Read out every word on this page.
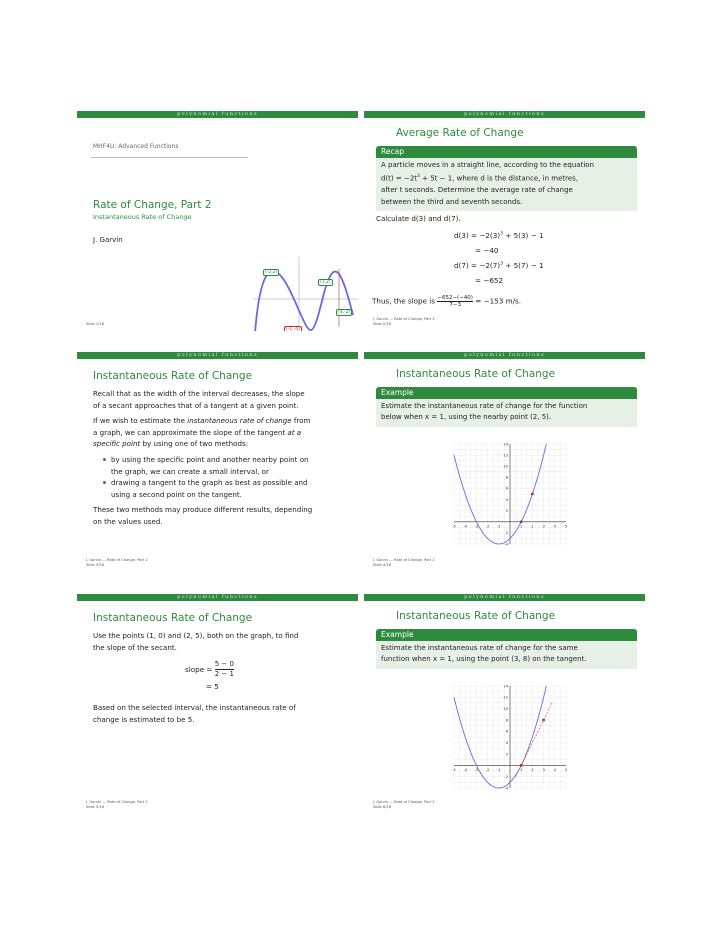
polynomial functions
MHF4U: Advanced Functions
Rate of Change, Part 2
Instantaneous Rate of Change
J. Garvin
(-2,2)
(1,2)
(4,-2)
(-1,-4)
Slide 1/16
polynomial functions
Average Rate of Change
Recap
A particle moves in a straight line, according to the equation
$d(t) = -2t^3 + 5t - 1$, where d is the distance, in metres,
after t seconds. Determine the average rate of change
between the third and seventh seconds.
Calculate d(3) and d(7).
$d(3) = -2(3)^3 + 5(3) - 1$
= −40
$d(7) = -2(7)^3 + 5(7) - 1$
= −652
Thus, the slope is $\frac{-652-(-40)}{7-3} = -153$ m/s.
J. Garvin — Rate of Change, Part 2
Slide 2/16
polynomial functions
Instantaneous Rate of Change
Recall that as the width of the interval decreases, the slope
of a secant approaches that of a tangent at a given point.
If we wish to estimate the instantaneous rate of change from
a graph, we can approximate the slope of the tangent at a
specific point by using one of two methods:
by using the specific point and another nearby point on
the graph, we can create a small interval, or
drawing a tangent to the graph as best as possible and
using a second point on the tangent.
These two methods may produce different results, depending
on the values used.
J. Garvin — Rate of Change, Part 2
Slide 3/16
polynomial functions
Instantaneous Rate of Change
Example
Estimate the instantaneous rate of change for the function
below when x = 1, using the nearby point (2, 5).
-5 -4 -3 -2 -1	1 2 3 4 5
14
12
10
8
6
4
2
-2
-4
J. Garvin — Rate of Change, Part 2
Slide 4/16
polynomial functions
Instantaneous Rate of Change
Use the points (1, 0) and (2, 5), both on the graph, to find
the slope of the secant.
slope = $\frac{5 - 0}{2 - 1}$
= 5
Based on the selected interval, the instantaneous rate of
change is estimated to be 5.
J. Garvin — Rate of Change, Part 2
Slide 5/16
polynomial functions
Instantaneous Rate of Change
Example
Estimate the instantaneous rate of change for the same
function when x = 1, using the point (3, 8) on the tangent.
-5 -4 -3 -2 -1	1 2 3 4 5
14
12
10
8
6
4
2
-2
-4
J. Garvin — Rate of Change, Part 2
Slide 6/16
